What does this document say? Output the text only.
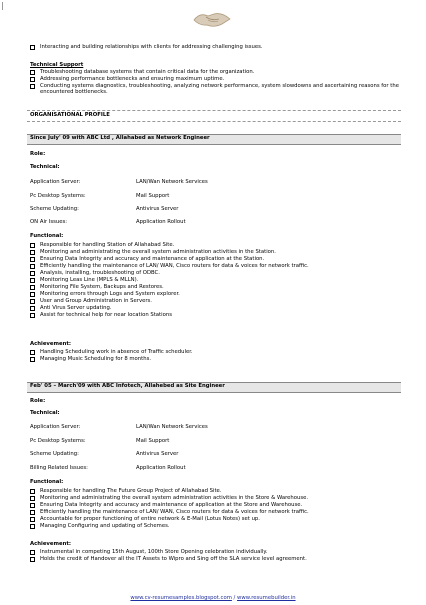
Interacting and building relationships with clients for addressing challenging issues.
Technical Support
Troubleshooting database systems that contain critical data for the organization.
Addressing performance bottlenecks and ensuring maximum uptime.
Conducting systems diagnostics, troubleshooting, analyzing network performance, system slowdowns and ascertaining reasons for the encountered bottlenecks.
ORGANISATIONAL PROFILE
Since July' 09 with ABC Ltd , Allahabed as Network Engineer
Role:
Technical:
Application Server:	LAN/Wan Network Services
Pc Desktop Systems:	Mail Support
Scheme Updating:	Antivirus Server
ON Air Issues:	Application Rollout
Functional:
Responsible for handling Station of Allahabad Site.
Monitoring and administrating the overall system administration activities in the Station.
Ensuring Data Integrity and accuracy and maintenance of application at the Station.
Efficiently handling the maintenance of LAN/ WAN, Cisco routers for data & voices for network traffic.
Analysis, installing, troubleshooting of ODBC.
Monitoring Leas Line (MPLS & MLLN).
Monitoring File System, Backups and Restores.
Monitoring errors through Logs and System explorer.
User and Group Administration in Servers.
Anti Virus Server updating.
Assist for technical help for near location Stations
Achievement:
Handling Scheduling work in absence of Traffic scheduler.
Managing Music Scheduling for 8 months.
Feb' 05 – March'09 with ABC Infotech, Allahebed as Site Engineer
Role:
Technical:
Application Server:	LAN/Wan Network Services
Pc Desktop Systems:	Mail Support
Scheme Updating:	Antivirus Server
Billing Related Issues:	Application Rollout
Functional:
Responsible for handling The Future Group Project of Allahabad Site.
Monitoring and administrating the overall system administration activities in the Store & Warehouse.
Ensuring Data Integrity and accuracy and maintenance of application at the Store and Warehouse.
Efficiently handling the maintenance of LAN/ WAN, Cisco routers for data & voices for network traffic.
Accountable for proper functioning of entire network & E-Mail (Lotus Notes) set up.
Managing Configuring and updating of Schemes.
Achievement:
Instrumental in competing 15th August, 100th Store Opening celebration individually.
Holds the credit of Handover all the IT Assets to Wipro and Sing off the SLA service level agreement.
www.cv-resumesamples.blogspot.com / www.resumebuilder.in
